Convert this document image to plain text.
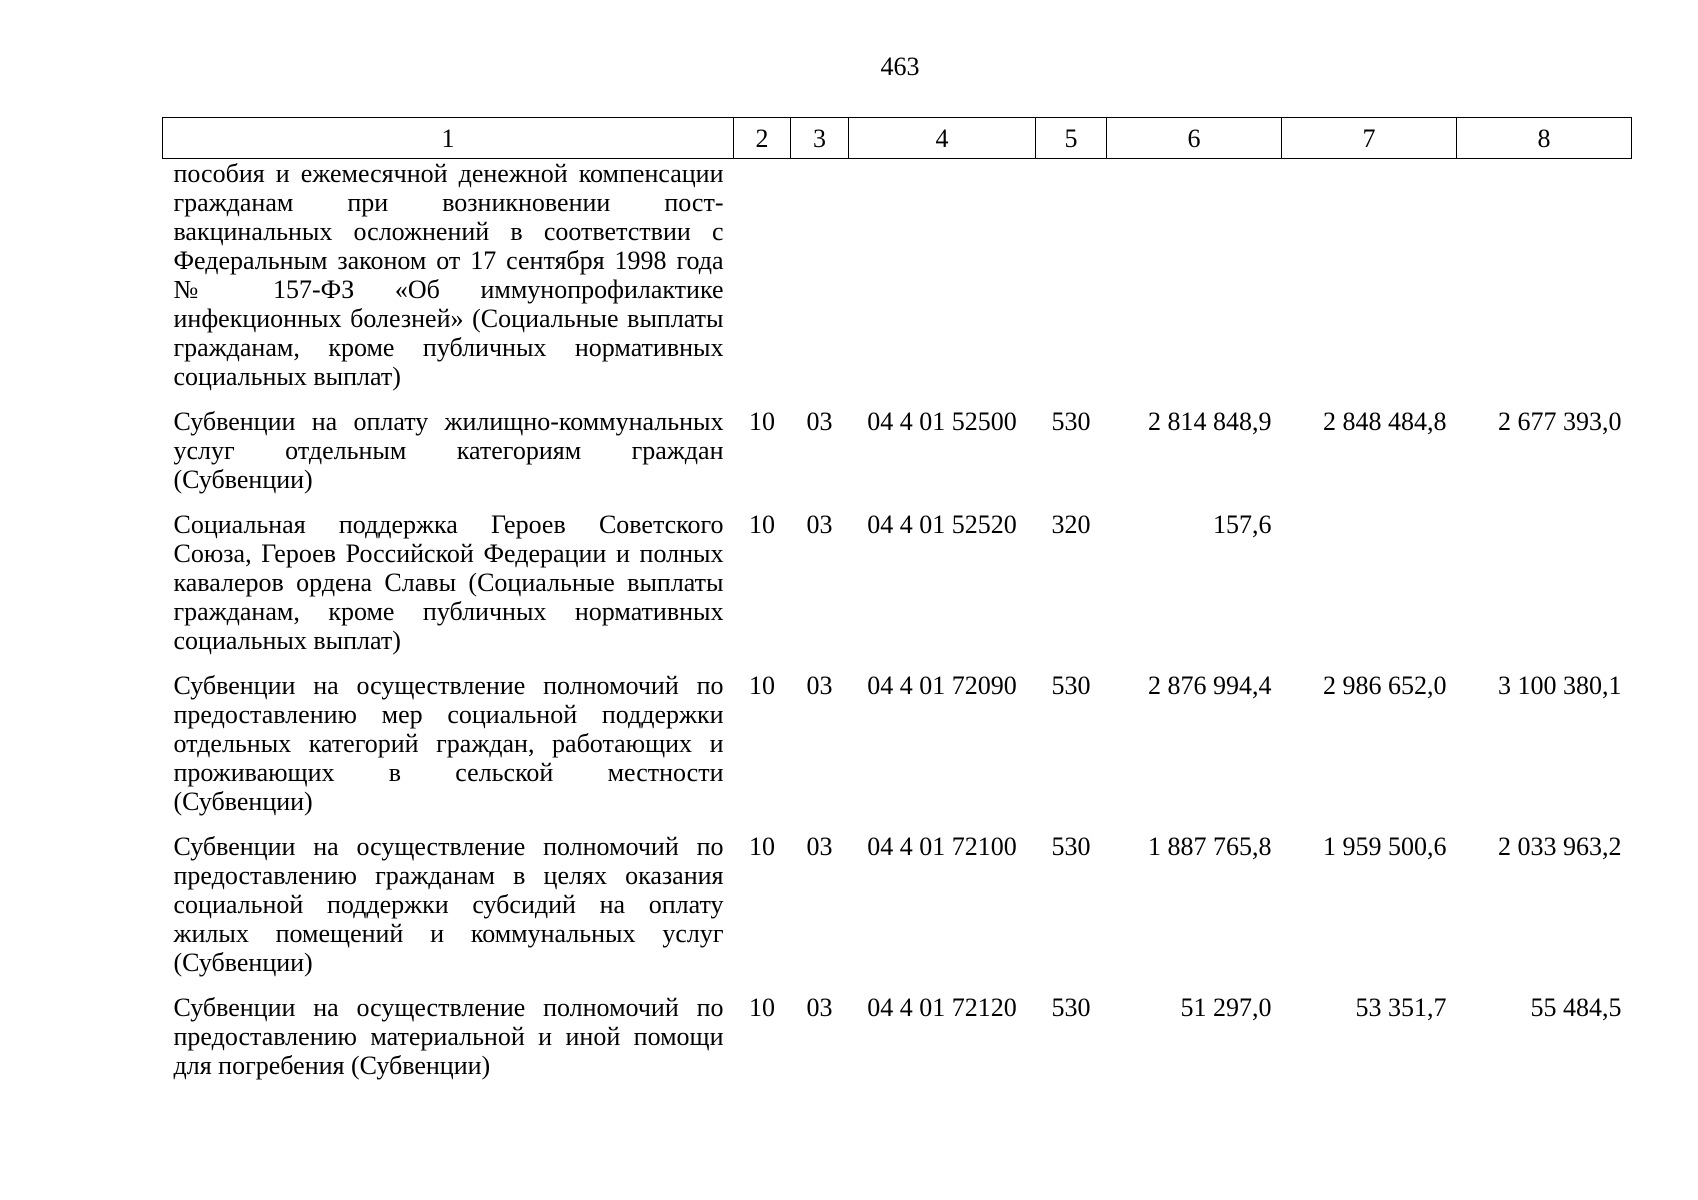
463
1	2	3	4	5	6	7	8
пособия и ежемесячной денежной компенсации гражданам при возникновении поствакцинальных осложнений в соответствии с Федеральным законом от 17 сентября 1998 года № 157-ФЗ «Об иммунопрофилактике инфекционных болезней» (Социальные выплаты гражданам, кроме публичных нормативных социальных выплат)							
Субвенции на оплату жилищно-коммунальных услуг отдельным категориям граждан (Субвенции)	10	03	04 4 01 52500	530	2 814 848,9	2 848 484,8	2 677 393,0
Социальная поддержка Героев Советского Союза, Героев Российской Федерации и полных кавалеров ордена Славы (Социальные выплаты гражданам, кроме публичных нормативных социальных выплат)	10	03	04 4 01 52520	320	157,6		
Субвенции на осуществление полномочий по предоставлению мер социальной поддержки отдельных категорий граждан, работающих и проживающих в сельской местности (Субвенции)	10	03	04 4 01 72090	530	2 876 994,4	2 986 652,0	3 100 380,1
Субвенции на осуществление полномочий по предоставлению гражданам в целях оказания социальной поддержки субсидий на оплату жилых помещений и коммунальных услуг (Субвенции)	10	03	04 4 01 72100	530	1 887 765,8	1 959 500,6	2 033 963,2
Субвенции на осуществление полномочий по предоставлению материальной и иной помощи для погребения (Субвенции)	10	03	04 4 01 72120	530	51 297,0	53 351,7	55 484,5
